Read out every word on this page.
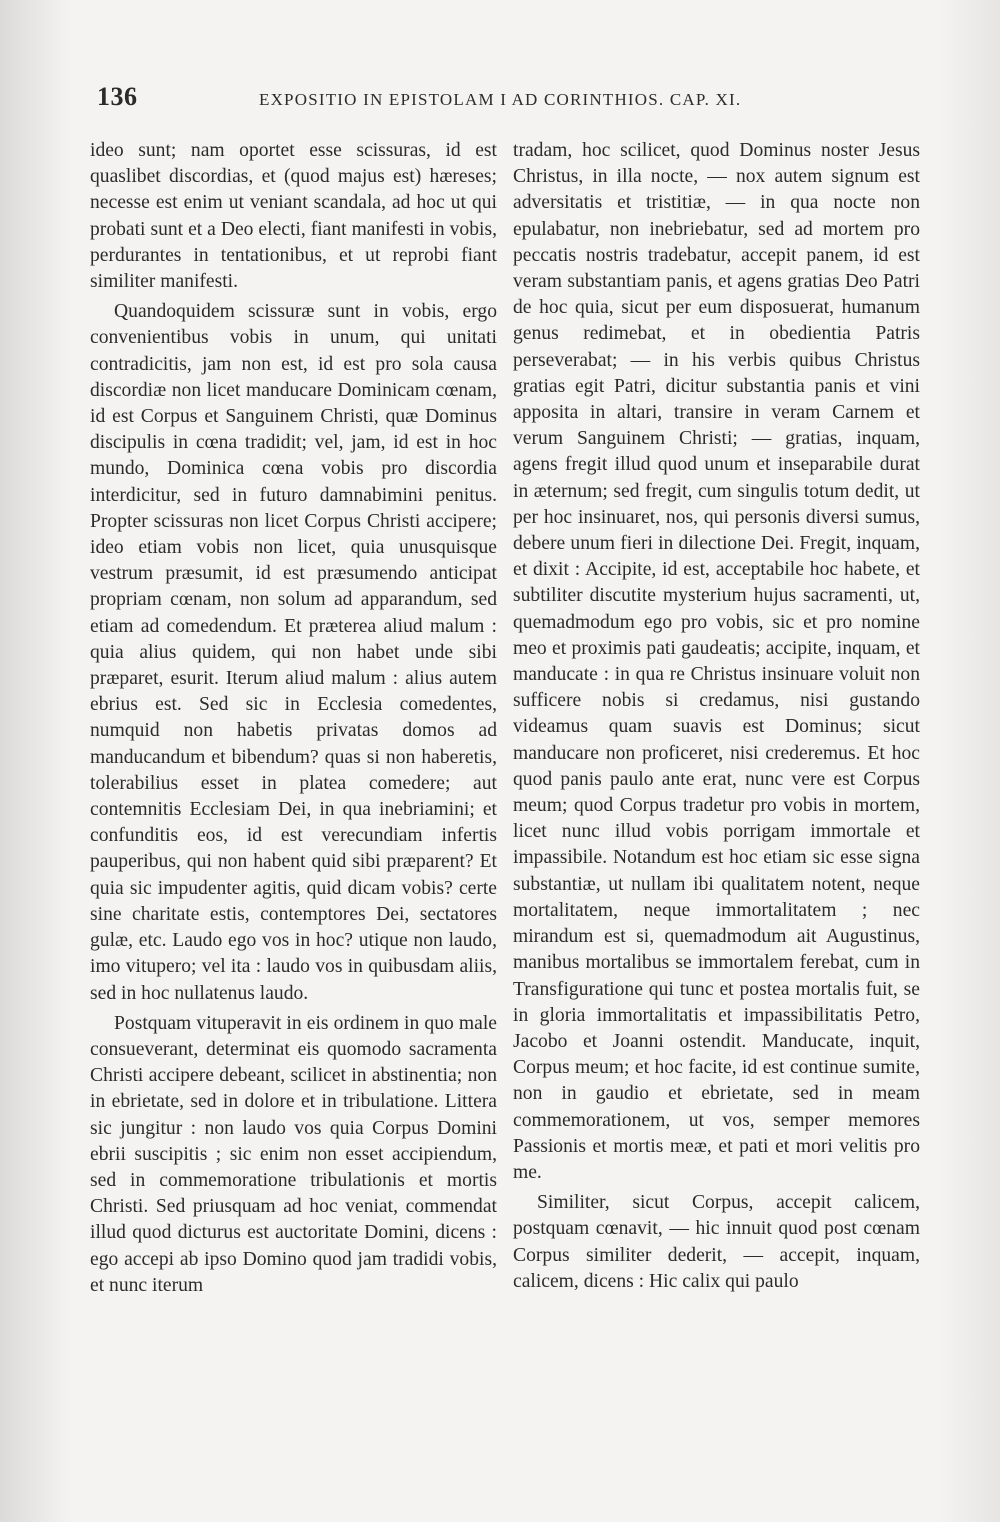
136	EXPOSITIO IN EPISTOLAM I AD CORINTHIOS. CAP. XI.

ideo sunt; nam oportet esse scissuras, id est quaslibet discordias, et (quod majus est) hæreses; necesse est enim ut veniant scandala, ad hoc ut qui probati sunt et a Deo electi, fiant manifesti in vobis, perdurantes in tentationibus, et ut reprobi fiant similiter manifesti.

Quandoquidem scissuræ sunt in vobis, ergo convenientibus vobis in unum, qui unitati contradicitis, jam non est, id est pro sola causa discordiæ non licet manducare Dominicam cœnam, id est Corpus et Sanguinem Christi, quæ Dominus discipulis in cœna tradidit; vel, jam, id est in hoc mundo, Dominica cœna vobis pro discordia interdicitur, sed in futuro damnabimini penitus. Propter scissuras non licet Corpus Christi accipere; ideo etiam vobis non licet, quia unusquisque vestrum præsumit, id est præsumendo anticipat propriam cœnam, non solum ad apparandum, sed etiam ad comedendum. Et præterea aliud malum : quia alius quidem, qui non habet unde sibi præparet, esurit. Iterum aliud malum : alius autem ebrius est. Sed sic in Ecclesia comedentes, numquid non habetis privatas domos ad manducandum et bibendum? quas si non haberetis, tolerabilius esset in platea comedere; aut contemnitis Ecclesiam Dei, in qua inebriamini; et confunditis eos, id est verecundiam infertis pauperibus, qui non habent quid sibi præparent? Et quia sic impudenter agitis, quid dicam vobis? certe sine charitate estis, contemptores Dei, sectatores gulæ, etc. Laudo ego vos in hoc? utique non laudo, imo vitupero; vel ita : laudo vos in quibusdam aliis, sed in hoc nullatenus laudo.

Postquam vituperavit in eis ordinem in quo male consueverant, determinat eis quomodo sacramenta Christi accipere debeant, scilicet in abstinentia; non in ebrietate, sed in dolore et in tribulatione. Littera sic jungitur : non laudo vos quia Corpus Domini ebrii suscipitis ; sic enim non esset accipiendum, sed in commemoratione tribulationis et mortis Christi. Sed priusquam ad hoc veniat, commendat illud quod dicturus est auctoritate Domini, dicens : ego accepi ab ipso Domino quod jam tradidi vobis, et nunc iterum

tradam, hoc scilicet, quod Dominus noster Jesus Christus, in illa nocte, — nox autem signum est adversitatis et tristitiæ, — in qua nocte non epulabatur, non inebriebatur, sed ad mortem pro peccatis nostris tradebatur, accepit panem, id est veram substantiam panis, et agens gratias Deo Patri de hoc quia, sicut per eum disposuerat, humanum genus redimebat, et in obedientia Patris perseverabat; — in his verbis quibus Christus gratias egit Patri, dicitur substantia panis et vini apposita in altari, transire in veram Carnem et verum Sanguinem Christi; — gratias, inquam, agens fregit illud quod unum et inseparabile durat in æternum; sed fregit, cum singulis totum dedit, ut per hoc insinuaret, nos, qui personis diversi sumus, debere unum fieri in dilectione Dei. Fregit, inquam, et dixit : Accipite, id est, acceptabile hoc habete, et subtiliter discutite mysterium hujus sacramenti, ut, quemadmodum ego pro vobis, sic et pro nomine meo et proximis pati gaudeatis; accipite, inquam, et manducate : in qua re Christus insinuare voluit non sufficere nobis si credamus, nisi gustando videamus quam suavis est Dominus; sicut manducare non proficeret, nisi crederemus. Et hoc quod panis paulo ante erat, nunc vere est Corpus meum; quod Corpus tradetur pro vobis in mortem, licet nunc illud vobis porrigam immortale et impassibile. Notandum est hoc etiam sic esse signa substantiæ, ut nullam ibi qualitatem notent, neque mortalitatem, neque immortalitatem ; nec mirandum est si, quemadmodum ait Augustinus, manibus mortalibus se immortalem ferebat, cum in Transfiguratione qui tunc et postea mortalis fuit, se in gloria immortalitatis et impassibilitatis Petro, Jacobo et Joanni ostendit. Manducate, inquit, Corpus meum; et hoc facite, id est continue sumite, non in gaudio et ebrietate, sed in meam commemorationem, ut vos, semper memores Passionis et mortis meæ, et pati et mori velitis pro me.

Similiter, sicut Corpus, accepit calicem, postquam cœnavit, — hic innuit quod post cœnam Corpus similiter dederit, — accepit, inquam, calicem, dicens : Hic calix qui paulo
